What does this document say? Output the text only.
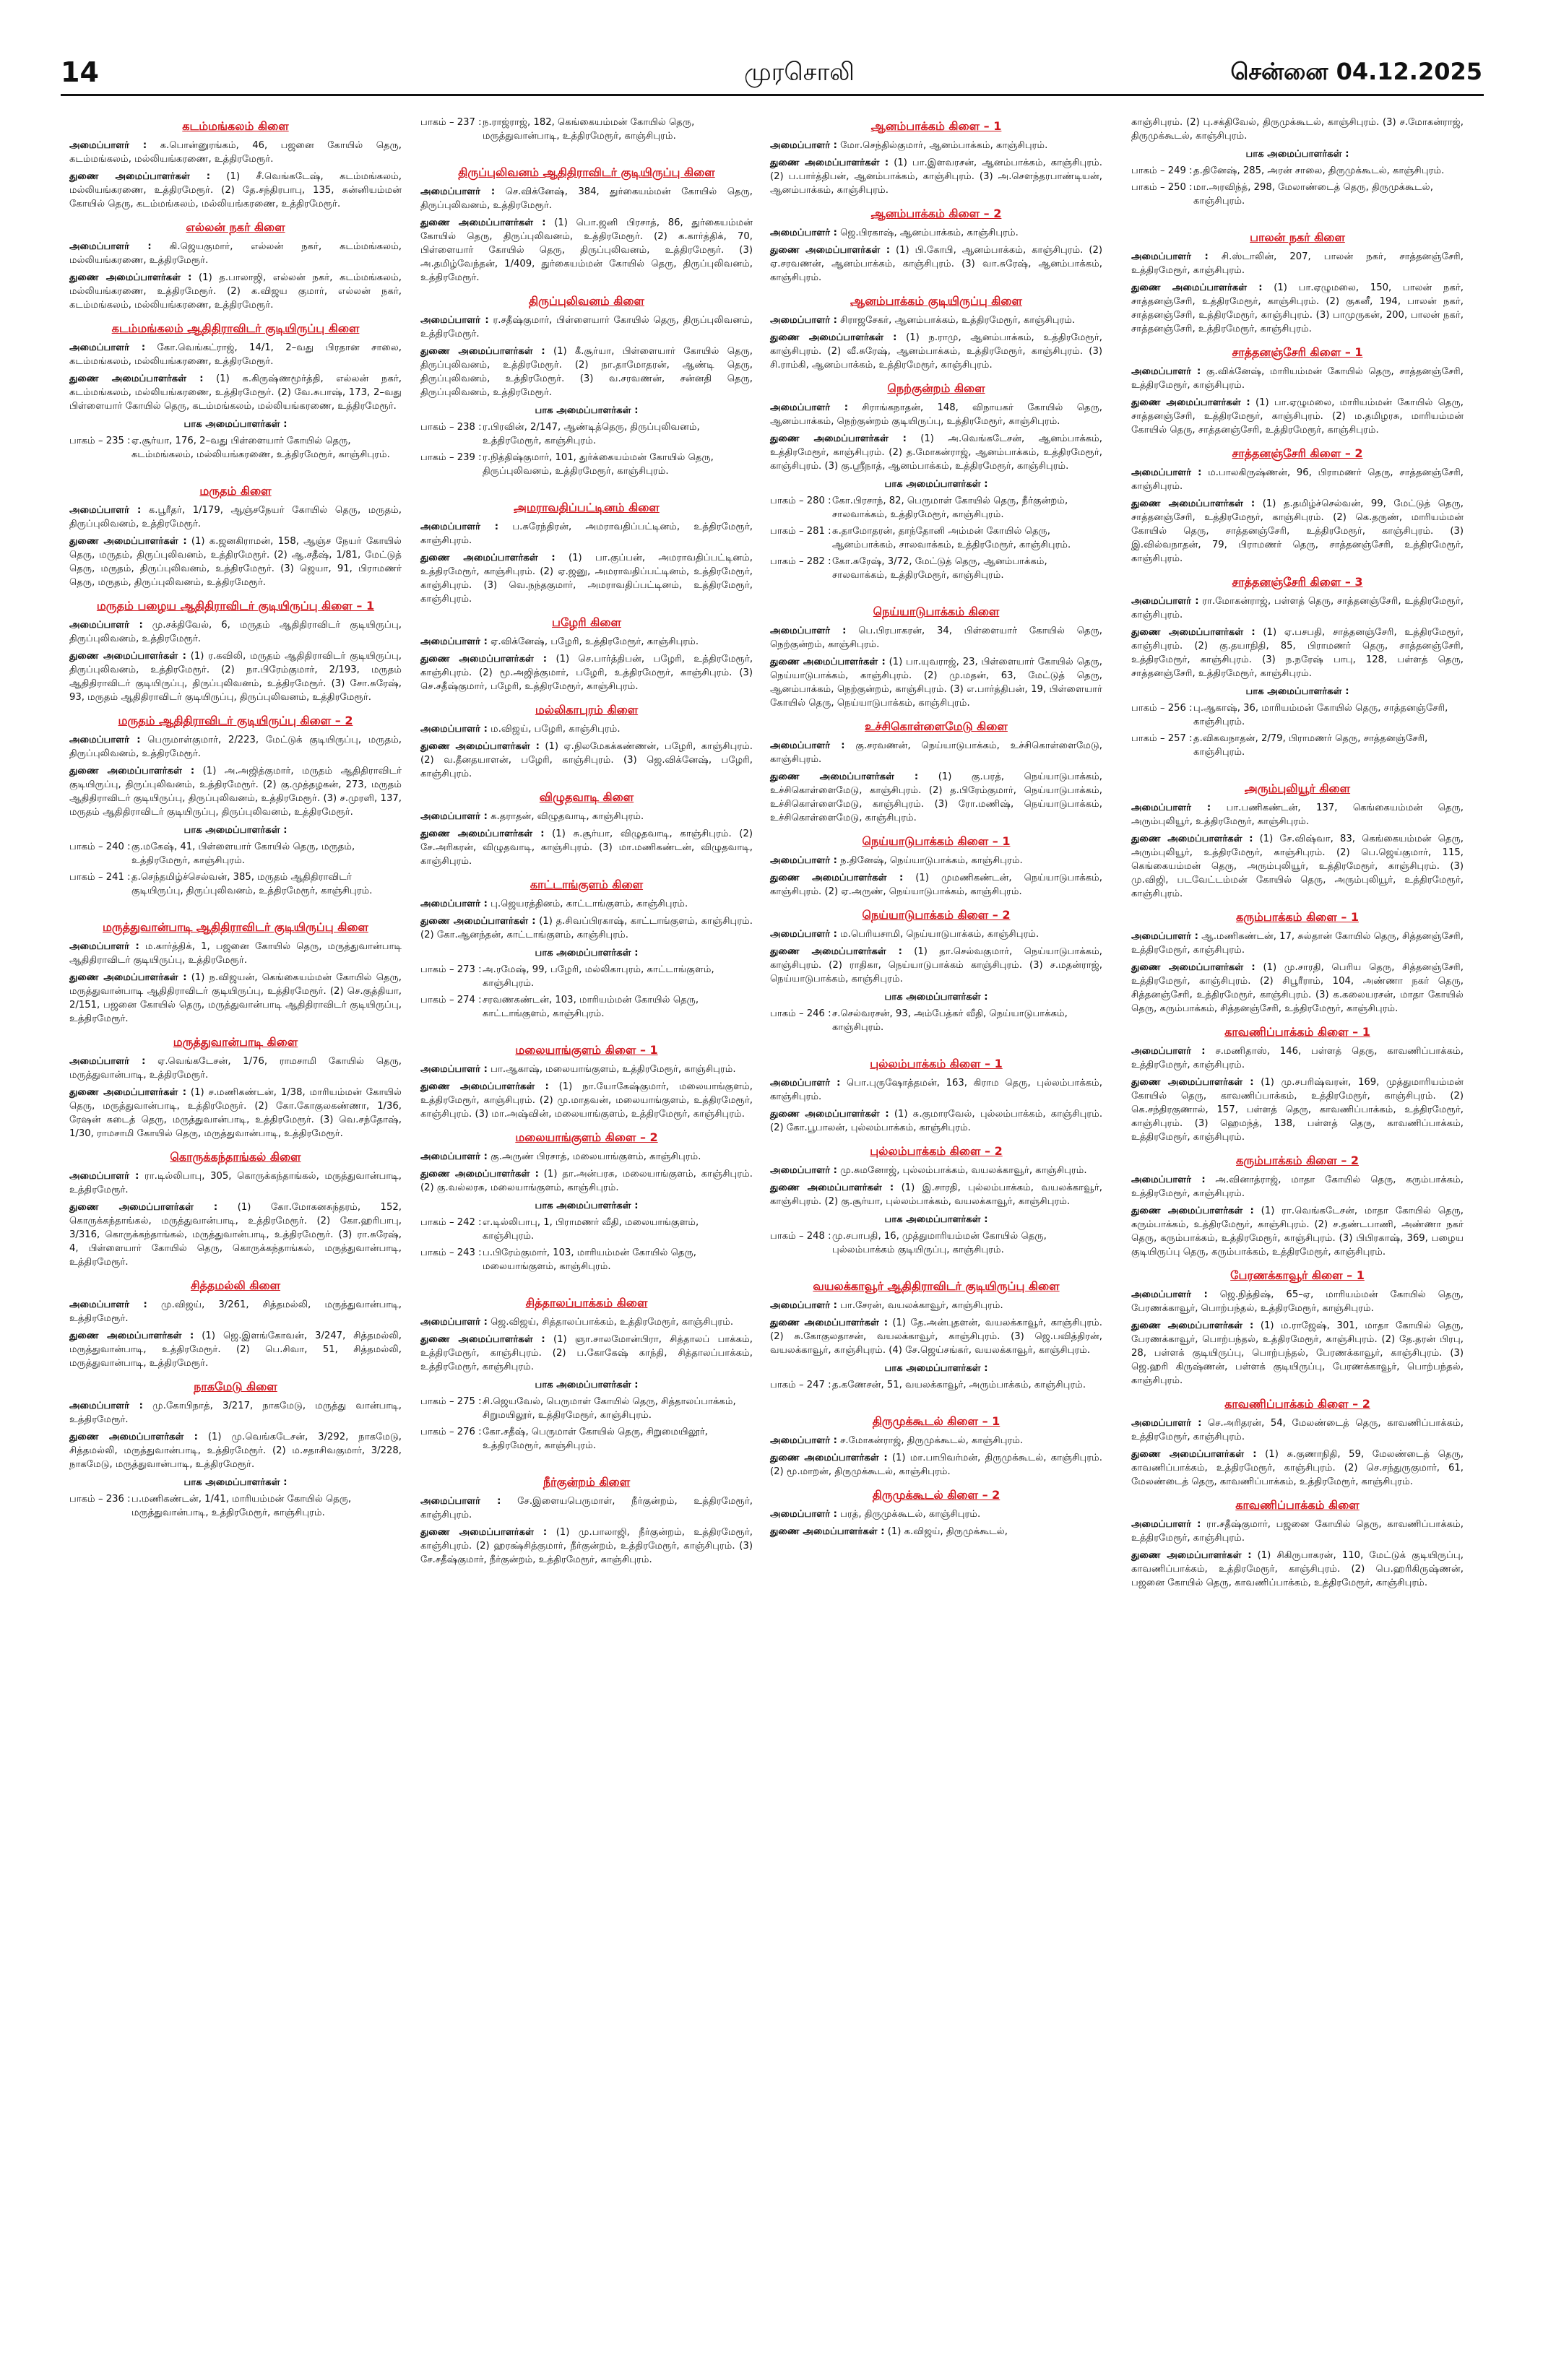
14	முரசொலி	சென்னை 04.12.2025
கடம்மங்கலம் கிளை

அமைப்பாளர் : க.பொன்னுரங்கம், 46, பஜனை கோயில் தெரு, கடம்மங்கலம், மல்லியங்கரணை, உத்திரமேரூர்.

துணை அமைப்பாளர்கள் : (1) சீ.வெங்கடேஷ், கடம்மங்கலம், மல்லியங்கரணை, உத்திரமேரூர். (2) தே.சந்திரபாபு, 135, சுன்னியம்மன் கோயில் தெரு, கடம்மங்கலம், மல்லியங்கரணை, உத்திரமேரூர்.

எல்லன் நகர் கிளை

அமைப்பாளர் : கி.ஜெயகுமார், எல்லன் நகர், கடம்மங்கலம், மல்லியங்கரணை, உத்திரமேரூர்.

துணை அமைப்பாளர்கள் : (1) த.பாலாஜி, எல்லன் நகர், கடம்மங்கலம், மல்லியங்கரணை, உத்திரமேரூர். (2) க.விஜய குமார், எல்லன் நகர், கடம்மங்கலம், மல்லியங்கரணை, உத்திரமேரூர்.

கடம்மங்கலம் ஆதிதிராவிடர் குடியிருப்பு கிளை

அமைப்பாளர் : கோ.வெங்கட்ராஜ், 14/1, 2–வது பிரதான சாலை, கடம்மங்கலம், மல்லியங்கரணை, உத்திரமேரூர்.

துணை அமைப்பாளர்கள் : (1) க.கிருஷ்ணமூர்த்தி, எல்லன் நகர், கடம்மங்கலம், மல்லியங்கரணை, உத்திரமேரூர். (2) வே.சுபாஷ், 173, 2–வது பிள்ளையார் கோயில் தெரு, கடம்மங்கலம், மல்லியங்கரணை, உத்திரமேரூர்.

பாக அமைப்பாளர்கள் :
பாகம் – 235 : ஏ.சூர்யா, 176, 2–வது பிள்ளையார் கோயில் தெரு, கடம்மங்கலம், மல்லியங்கரணை, உத்திரமேரூர், காஞ்சிபுரம்.
மருதம் கிளை

அமைப்பாளர் : க.பூரீதர், 1/179, ஆஞ்சநேயர் கோயில் தெரு, மருதம், திருப்புலிவனம், உத்திரமேரூர்.

துணை அமைப்பாளர்கள் : (1) க.ஜனகிராமன், 158, ஆஞ்ச நேயர் கோயில் தெரு, மருதம், திருப்புலிவனம், உத்திரமேரூர். (2) ஆ.சதீஷ், 1/81, மேட்டுத் தெரு, மருதம், திருப்புலிவனம், உத்திரமேரூர். (3) ஜெயா, 91, பிராமணர் தெரு, மருதம், திருப்புலிவனம், உத்திரமேரூர்.

மருதம் பழைய ஆதிதிராவிடர் குடியிருப்பு கிளை – 1

அமைப்பாளர் : மு.சக்திவேல், 6, மருதம் ஆதிதிராவிடர் குடியிருப்பு, திருப்புலிவனம், உத்திரமேரூர்.

துணை அமைப்பாளர்கள் : (1) ர.கவிலி, மருதம் ஆதிதிராவிடர் குடியிருப்பு, திருப்புலிவனம், உத்திரமேரூர். (2) நா.பிரேம்குமார், 2/193, மருதம் ஆதிதிராவிடர் குடியிருப்பு, திருப்புலிவனம், உத்திரமேரூர். (3) சோ.சுரேஷ், 93, மருதம் ஆதிதிராவிடர் குடியிருப்பு, திருப்புலிவனம், உத்திரமேரூர்.

மருதம் ஆதிதிராவிடர் குடியிருப்பு கிளை – 2

அமைப்பாளர் : பெருமாள்குமார், 2/223, மேட்டுக் குடியிருப்பு, மருதம், திருப்புலிவனம், உத்திரமேரூர்.

துணை அமைப்பாளர்கள் : (1) அ.அஜித்குமார், மருதம் ஆதிதிராவிடர் குடியிருப்பு, திருப்புலிவனம், உத்திரமேரூர். (2) கு.முத்தழகன், 273, மருதம் ஆதிதிராவிடர் குடியிருப்பு, திருப்புலிவனம், உத்திரமேரூர். (3) ச.முரளி, 137, மருதம் ஆதிதிராவிடர் குடியிருப்பு, திருப்புலிவனம், உத்திரமேரூர்.

பாக அமைப்பாளர்கள் :
பாகம் – 240 : கு.மகேஷ், 41, பிள்ளையார் கோயில் தெரு, மருதம், உத்திரமேரூர், காஞ்சிபுரம்.
பாகம் – 241 : த.செந்தமிழ்ச்செல்வன், 385, மருதம் ஆதிதிராவிடர் குடியிருப்பு, திருப்புலிவனம், உத்திரமேரூர், காஞ்சிபுரம்.
மருத்துவான்பாடி ஆதிதிராவிடர் குடியிருப்பு கிளை

அமைப்பாளர் : ம.கார்த்திக், 1, பஜனை கோயில் தெரு, மருத்துவான்பாடி ஆதிதிராவிடர் குடியிருப்பு, உத்திரமேரூர்.

துணை அமைப்பாளர்கள் : (1) ந.விஜயன், கெங்கையம்மன் கோயில் தெரு, மருத்துவான்பாடி ஆதிதிராவிடர் குடியிருப்பு, உத்திரமேரூர். (2) செ.குத்தியா, 2/151, பஜனை கோயில் தெரு, மருத்துவான்பாடி ஆதிதிராவிடர் குடியிருப்பு, உத்திரமேரூர்.

மருத்துவான்பாடி கிளை

அமைப்பாளர் : ஏ.வெங்கடேசன், 1/76, ராமசாமி கோயில் தெரு, மருத்துவான்பாடி, உத்திரமேரூர்.

துணை அமைப்பாளர்கள் : (1) ச.மணிகண்டன், 1/38, மாரியம்மன் கோயில் தெரு, மருத்துவான்பாடி, உத்திரமேரூர். (2) கோ.கோகுலகண்ணா, 1/36, ரேஷன் கடைத் தெரு, மருத்துவான்பாடி, உத்திரமேரூர். (3) வெ.சந்தோஷ், 1/30, ராமசாமி கோயில் தெரு, மருத்துவான்பாடி, உத்திரமேரூர்.

கொருக்கந்தாங்கல் கிளை

அமைப்பாளர் : ரா.டில்லிபாபு, 305, கொருக்கந்தாங்கல், மருத்துவான்பாடி, உத்திரமேரூர்.

துணை அமைப்பாளர்கள் : (1) கோ.மோகனசுந்தரம், 152, கொருக்கந்தாங்கல், மருத்துவான்பாடி, உத்திரமேரூர். (2) கோ.ஹரிபாபு, 3/316, கொருக்கந்தாங்கல், மருத்துவான்பாடி, உத்திரமேரூர். (3) ரா.சுரேஷ், 4, பிள்ளையார் கோயில் தெரு, கொருக்கந்தாங்கல், மருத்துவான்பாடி, உத்திரமேரூர்.

சித்தமல்லி கிளை

அமைப்பாளர் : மு.விஜய், 3/261, சித்தமல்லி, மருத்துவான்பாடி, உத்திரமேரூர்.

துணை அமைப்பாளர்கள் : (1) ஜெ.இளங்கோவன், 3/247, சித்தமல்லி, மருத்துவான்பாடி, உத்திரமேரூர். (2) பெ.சிவா, 51, சித்தமல்லி, மருத்துவான்பாடி, உத்திரமேரூர்.

நாகமேடு கிளை

அமைப்பாளர் : மு.கோபிநாத், 3/217, நாகமேடு, மருத்து வான்பாடி, உத்திரமேரூர்.

துணை அமைப்பாளர்கள் : (1) மு.வெங்கடேசன், 3/292, நாகமேடு, சித்தமல்லி, மருத்துவான்பாடி, உத்திரமேரூர். (2) ம.சதாசிவகுமார், 3/228, நாகமேடு, மருத்துவான்பாடி, உத்திரமேரூர்.

பாக அமைப்பாளர்கள் :
பாகம் – 236 : ப.மணிகண்டன், 1/41, மாரியம்மன் கோயில் தெரு, மருத்துவான்பாடி, உத்திரமேரூர், காஞ்சிபுரம்.
பாகம் – 237 : ந.ராஜ்ராஜ், 182, கெங்கையம்மன் கோயில் தெரு, மருத்துவான்பாடி, உத்திரமேரூர், காஞ்சிபுரம்.
திருப்புலிவனம் ஆதிதிராவிடர் குடியிருப்பு கிளை

அமைப்பாளர் : செ.விக்னேஷ், 384, துர்கையம்மன் கோயில் தெரு, திருப்புலிவனம், உத்திரமேரூர்.

துணை அமைப்பாளர்கள் : (1) பொ.ஜனி பிரசாத், 86, துர்கையம்மன் கோயில் தெரு, திருப்புலிவனம், உத்திரமேரூர். (2) க.கார்த்திக், 70, பிள்ளையார் கோயில் தெரு, திருப்புலிவனம், உத்திரமேரூர். (3) அ.தமிழ்வேந்தன், 1/409, துர்கையம்மன் கோயில் தெரு, திருப்புலிவனம், உத்திரமேரூர்.

திருப்புலிவனம் கிளை

அமைப்பாளர் : ர.சதீஷ்குமார், பிள்ளையார் கோயில் தெரு, திருப்புலிவனம், உத்திரமேரூர்.

துணை அமைப்பாளர்கள் : (1) கீ.சூர்யா, பிள்ளையார் கோயில் தெரு, திருப்புலிவனம், உத்திரமேரூர். (2) நா.தாமோதரன், ஆண்டி தெரு, திருப்புலிவனம், உத்திரமேரூர். (3) வ.சரவணன், சன்னதி தெரு, திருப்புலிவனம், உத்திரமேரூர்.

பாக அமைப்பாளர்கள் :
பாகம் – 238 : ர.பிரவின், 2/147, ஆண்டித்தெரு, திருப்புலிவனம், உத்திரமேரூர், காஞ்சிபுரம்.
பாகம் – 239 : ர.நித்திஷ்குமார், 101, துர்க்கையம்மன் கோயில் தெரு, திருப்புலிவனம், உத்திரமேரூர், காஞ்சிபுரம்.
அமராவதிப்பட்டினம் கிளை

அமைப்பாளர் : ப.சுரேந்திரன், அமராவதிப்பட்டினம், உத்திரமேரூர், காஞ்சிபுரம்.

துணை அமைப்பாளர்கள் : (1) பா.குப்பன், அமராவதிப்பட்டினம், உத்திரமேரூர், காஞ்சிபுரம். (2) ஏ.ஜனு, அமராவதிப்பட்டினம், உத்திரமேரூர், காஞ்சிபுரம். (3) வெ.நந்தகுமார், அமராவதிப்பட்டினம், உத்திரமேரூர், காஞ்சிபுரம்.

பழேரி கிளை

அமைப்பாளர் : ஏ.விக்னேஷ், பழேரி, உத்திரமேரூர், காஞ்சிபுரம்.

துணை அமைப்பாளர்கள் : (1) செ.பார்த்திபன், பழேரி, உத்திரமேரூர், காஞ்சிபுரம். (2) மூ.அஜித்குமார், பழேரி, உத்திரமேரூர், காஞ்சிபுரம். (3) செ.சதீஷ்குமார், பழேரி, உத்திரமேரூர், காஞ்சிபுரம்.

மல்லிகாபுரம் கிளை

அமைப்பாளர் : ம.விஜய், பழேரி, காஞ்சிபுரம்.

துணை அமைப்பாளர்கள் : (1) ஏ.நிலமேகக்கண்ணன், பழேரி, காஞ்சிபுரம். (2) வ.தீனதயாளன், பழேரி, காஞ்சிபுரம். (3) ஜெ.விக்னேஷ், பழேரி, காஞ்சிபுரம்.

விழுதவாடி கிளை

அமைப்பாளர் : க.தராதன், விழுதவாடி, காஞ்சிபுரம்.

துணை அமைப்பாளர்கள் : (1) சு.சூர்யா, விழுதவாடி, காஞ்சிபுரம். (2) சே.அரிகரன், விழுதவாடி, காஞ்சிபுரம். (3) மா.மணிகண்டன், விழுதவாடி, காஞ்சிபுரம்.

காட்டாங்குளம் கிளை

அமைப்பாளர் : பு.ஜெயரத்தினம், காட்டாங்குளம், காஞ்சிபுரம்.

துணை அமைப்பாளர்கள் : (1) த.சிவப்பிரகாஷ், காட்டாங்குளம், காஞ்சிபுரம். (2) கோ.ஆனந்தன், காட்டாங்குளம், காஞ்சிபுரம்.

பாக அமைப்பாளர்கள் :
பாகம் – 273 : அ.ரமேஷ், 99, பழேரி, மல்லிகாபுரம், காட்டாங்குளம், காஞ்சிபுரம்.
பாகம் – 274 : சரவணகண்டன், 103, மாரியம்மன் கோயில் தெரு, காட்டாங்குளம், காஞ்சிபுரம்.
மலையாங்குளம் கிளை – 1

அமைப்பாளர் : பா.ஆகாஷ், மலையாங்குளம், உத்திரமேரூர், காஞ்சிபுரம்.

துணை அமைப்பாளர்கள் : (1) நா.யோகேஷ்குமார், மலையாங்குளம், உத்திரமேரூர், காஞ்சிபுரம். (2) மு.மாதவன், மலையாங்குளம், உத்திரமேரூர், காஞ்சிபுரம். (3) மா.அஷ்வின், மலையாங்குளம், உத்திரமேரூர், காஞ்சிபுரம்.

மலையாங்குளம் கிளை – 2

அமைப்பாளர் : கு.அருண் பிரசாத், மலையாங்குளம், காஞ்சிபுரம்.

துணை அமைப்பாளர்கள் : (1) தா.அன்பரசு, மலையாங்குளம், காஞ்சிபுரம். (2) கு.வல்லரசு, மலையாங்குளம், காஞ்சிபுரம்.

பாக அமைப்பாளர்கள் :
பாகம் – 242 : எ.டில்லிபாபு, 1, பிராமணர் வீதி, மலையாங்குளம், காஞ்சிபுரம்.
பாகம் – 243 : ப.பிரேம்குமார், 103, மாரியம்மன் கோயில் தெரு, மலையாங்குளம், காஞ்சிபுரம்.
சித்தாலப்பாக்கம் கிளை

அமைப்பாளர் : ஜெ.விஜய், சித்தாலப்பாக்கம், உத்திரமேரூர், காஞ்சிபுரம்.

துணை அமைப்பாளர்கள் : (1) ஞா.சாலமோன்பிரா, சித்தாலப் பாக்கம், உத்திரமேரூர், காஞ்சிபுரம். (2) ப.கோகேஷ் காந்தி, சித்தாலப்பாக்கம், உத்திரமேரூர், காஞ்சிபுரம்.

பாக அமைப்பாளர்கள் :
பாகம் – 275 : சி.ஜெயவேல், பெருமாள் கோயில் தெரு, சித்தாலப்பாக்கம், சிறுமயிலூர், உத்திரமேரூர், காஞ்சிபுரம்.
பாகம் – 276 : கோ.சதீஷ், பெருமாள் கோயில் தெரு, சிறுமையிலூர், உத்திரமேரூர், காஞ்சிபுரம்.
நீர்குன்றம் கிளை

அமைப்பாளர் : சே.இளையபெருமாள், நீர்குன்றம், உத்திரமேரூர், காஞ்சிபுரம்.

துணை அமைப்பாளர்கள் : (1) மு.பாலாஜி, நீர்குன்றம், உத்திரமேரூர், காஞ்சிபுரம். (2) ஹரக்ஷ்சித்குமார், நீர்குன்றம், உத்திரமேரூர், காஞ்சிபுரம். (3) சே.சதீஷ்குமார், நீர்குன்றம், உத்திரமேரூர், காஞ்சிபுரம்.

ஆனம்பாக்கம் கிளை – 1

அமைப்பாளர் : மோ.செந்தில்குமார், ஆனம்பாக்கம், காஞ்சிபுரம்.

துணை அமைப்பாளர்கள் : (1) பா.இளவரசன், ஆனம்பாக்கம், காஞ்சிபுரம். (2) ப.பார்த்திபன், ஆனம்பாக்கம், காஞ்சிபுரம். (3) அ.செளந்தரபாண்டியன், ஆனம்பாக்கம், காஞ்சிபுரம்.

ஆனம்பாக்கம் கிளை – 2

அமைப்பாளர் : ஜெ.பிரகாஷ், ஆனம்பாக்கம், காஞ்சிபுரம்.

துணை அமைப்பாளர்கள் : (1) பி.கோபி, ஆனம்பாக்கம், காஞ்சிபுரம். (2) ஏ.சரவணன், ஆனம்பாக்கம், காஞ்சிபுரம். (3) வா.சுரேஷ், ஆனம்பாக்கம், காஞ்சிபுரம்.

ஆனம்பாக்கம் குடியிருப்பு கிளை

அமைப்பாளர் : சிராஜசேகர், ஆனம்பாக்கம், உத்திரமேரூர், காஞ்சிபுரம்.

துணை அமைப்பாளர்கள் : (1) ந.ராமு, ஆனம்பாக்கம், உத்திரமேரூர், காஞ்சிபுரம். (2) வீ.சுரேஷ், ஆனம்பாக்கம், உத்திரமேரூர், காஞ்சிபுரம். (3) சி.ராம்கி, ஆனம்பாக்கம், உத்திரமேரூர், காஞ்சிபுரம்.

நெற்குன்றம் கிளை

அமைப்பாளர் : சிராங்கநாதன், 148, விநாயகர் கோயில் தெரு, ஆனம்பாக்கம், நெற்குன்றம் குடியிருப்பு, உத்திரமேரூர், காஞ்சிபுரம்.

துணை அமைப்பாளர்கள் : (1) அ.வெங்கடேசன், ஆனம்பாக்கம், உத்திரமேரூர், காஞ்சிபுரம். (2) த.மோகன்ராஜ், ஆனம்பாக்கம், உத்திரமேரூர், காஞ்சிபுரம். (3) கு.ஸ்ரீநாத், ஆனம்பாக்கம், உத்திரமேரூர், காஞ்சிபுரம்.

பாக அமைப்பாளர்கள் :
பாகம் – 280 : கோ.பிரசாந், 82, பெருமாள் கோயில் தெரு, நீர்குன்றம், சாலவாக்கம், உத்திரமேரூர், காஞ்சிபுரம்.
பாகம் – 281 : சு.தாமோதரன், தாந்தோனி அம்மன் கோயில் தெரு, ஆனம்பாக்கம், சாலவாக்கம், உத்திரமேரூர், காஞ்சிபுரம்.
பாகம் – 282 : கோ.சுரேஷ், 3/72, மேட்டுத் தெரு, ஆனம்பாக்கம், சாலவாக்கம், உத்திரமேரூர், காஞ்சிபுரம்.
நெய்யாடுபாக்கம் கிளை

அமைப்பாளர் : பெ.பிரபாகரன், 34, பிள்ளையார் கோயில் தெரு, நெற்குன்றம், காஞ்சிபுரம்.

துணை அமைப்பாளர்கள் : (1) பா.யுவராஜ், 23, பிள்ளையார் கோயில் தெரு, நெய்யாடுபாக்கம், காஞ்சிபுரம். (2) மு.மதன், 63, மேட்டுத் தெரு, ஆனம்பாக்கம், நெற்குன்றம், காஞ்சிபுரம். (3) எ.பார்த்திபன், 19, பிள்ளையார் கோயில் தெரு, நெய்யாடுபாக்கம், காஞ்சிபுரம்.

உச்சிகொள்ளைமேடு கிளை

அமைப்பாளர் : கு.சரவணன், நெய்யாடுபாக்கம், உச்சிகொள்ளைமேடு, காஞ்சிபுரம்.

துணை அமைப்பாளர்கள் : (1) கு.பரத், நெய்யாடுபாக்கம், உச்சிகொள்ளைமேடு, காஞ்சிபுரம். (2) த.பிரேம்குமார், நெய்யாடுபாக்கம், உச்சிகொள்ளைமேடு, காஞ்சிபுரம். (3) ரோ.மணிஷ், நெய்யாடுபாக்கம், உச்சிகொள்ளைமேடு, காஞ்சிபுரம்.

நெய்யாடுபாக்கம் கிளை – 1

அமைப்பாளர் : ந.தினேஷ், நெய்யாடுபாக்கம், காஞ்சிபுரம்.

துணை அமைப்பாளர்கள் : (1) முமணிகண்டன், நெய்யாடுபாக்கம், காஞ்சிபுரம். (2) ஏ.அருண், நெய்யாடுபாக்கம், காஞ்சிபுரம்.

நெய்யாடுபாக்கம் கிளை – 2

அமைப்பாளர் : ம.பெரியசாமி, நெய்யாடுபாக்கம், காஞ்சிபுரம்.

துணை அமைப்பாளர்கள் : (1) தா.செல்வகுமார், நெய்யாடுபாக்கம், காஞ்சிபுரம். (2) ராதிகா, நெய்யாடுபாக்கம் காஞ்சிபுரம். (3) ச.மதன்ராஜ், நெய்யாடுபாக்கம், காஞ்சிபுரம்.

பாக அமைப்பாளர்கள் :
பாகம் – 246 : ச.செல்வரசன், 93, அம்பேத்கர் வீதி, நெய்யாடுபாக்கம், காஞ்சிபுரம்.
புல்லம்பாக்கம் கிளை – 1

அமைப்பாளர் : பொ.புருஷோத்தமன், 163, கிராம தெரு, புல்லம்பாக்கம், காஞ்சிபுரம்.

துணை அமைப்பாளர்கள் : (1) சு.குமாரவேல், புல்லம்பாக்கம், காஞ்சிபுரம். (2) கோ.பூபாலன், புல்லம்பாக்கம், காஞ்சிபுரம்.

புல்லம்பாக்கம் கிளை – 2

அமைப்பாளர் : மு.சுமனோஜ், புல்லம்பாக்கம், வயலக்காவூர், காஞ்சிபுரம்.

துணை அமைப்பாளர்கள் : (1) இ.சாரதி, புல்லம்பாக்கம், வயலக்காவூர், காஞ்சிபுரம். (2) கு.சூர்யா, புல்லம்பாக்கம், வயலக்காவூர், காஞ்சிபுரம்.

பாக அமைப்பாளர்கள் :
பாகம் – 248 : மு.சபாபதி, 16, முத்துமாரியம்மன் கோயில் தெரு, புல்லம்பாக்கம் குடியிருப்பு, காஞ்சிபுரம்.
வயலக்காவூர் ஆதிதிராவிடர் குடியிருப்பு கிளை

அமைப்பாளர் : பா.சேரன், வயலக்காவூர், காஞ்சிபுரம்.

துணை அமைப்பாளர்கள் : (1) தே.அன்புதளன், வயலக்காவூர், காஞ்சிபுரம். (2) சு.கோகுலதாசன், வயலக்காவூர், காஞ்சிபுரம். (3) ஜெ.பவித்திரன், வயலக்காவூர், காஞ்சிபுரம். (4) சே.ஜெய்சங்கர், வயலக்காவூர், காஞ்சிபுரம்.

பாக அமைப்பாளர்கள் :
பாகம் – 247 : த.கணேசன், 51, வயலக்காவூர், அரும்பாக்கம், காஞ்சிபுரம்.
திருமுக்கூடல் கிளை – 1

அமைப்பாளர் : ச.மோகன்ராஜ், திருமுக்கூடல், காஞ்சிபுரம்.

துணை அமைப்பாளர்கள் : (1) மா.பாபிவர்மன், திருமுக்கூடல், காஞ்சிபுரம். (2) மூ.மாறன், திருமுக்கூடல், காஞ்சிபுரம்.

திருமுக்கூடல் கிளை – 2

அமைப்பாளர் : பரத், திருமுக்கூடல், காஞ்சிபுரம்.

துணை அமைப்பாளர்கள் : (1) க.விஜய், திருமுக்கூடல்,

காஞ்சிபுரம். (2) பு.சக்திவேல், திருமுக்கூடல், காஞ்சிபுரம். (3) ச.மோகன்ராஜ், திருமுக்கூடல், காஞ்சிபுரம்.

பாக அமைப்பாளர்கள் :
பாகம் – 249 : த.தினேஷ், 285, அரன் சாலை, திருமுக்கூடல், காஞ்சிபுரம்.
பாகம் – 250 : மா.அரவிந்த், 298, மேலாண்டைத் தெரு, திருமுக்கூடல், காஞ்சிபுரம்.
பாலன் நகர் கிளை

அமைப்பாளர் : சி.ஸ்டாலின், 207, பாலன் நகர், சாத்தனஞ்சேரி, உத்திரமேரூர், காஞ்சிபுரம்.

துணை அமைப்பாளர்கள் : (1) பா.ஏழுமலை, 150, பாலன் நகர், சாத்தனஞ்சேரி, உத்திரமேரூர், காஞ்சிபுரம். (2) குகனீ, 194, பாலன் நகர், சாத்தனஞ்சேரி, உத்திரமேரூர், காஞ்சிபுரம். (3) பாமுருகன், 200, பாலன் நகர், சாத்தனஞ்சேரி, உத்திரமேரூர், காஞ்சிபுரம்.

சாத்தனஞ்சேரி கிளை – 1

அமைப்பாளர் : கு.விக்னேஷ், மாரியம்மன் கோயில் தெரு, சாத்தனஞ்சேரி, உத்திரமேரூர், காஞ்சிபுரம்.

துணை அமைப்பாளர்கள் : (1) பா.ஏழுமலை, மாரியம்மன் கோயில் தெரு, சாத்தனஞ்சேரி, உத்திரமேரூர், காஞ்சிபுரம். (2) ம.தமிழரசு, மாரியம்மன் கோயில் தெரு, சாத்தனஞ்சேரி, உத்திரமேரூர், காஞ்சிபுரம்.

சாத்தனஞ்சேரி கிளை – 2

அமைப்பாளர் : ம.பாலகிருஷ்ணன், 96, பிராமணர் தெரு, சாத்தனஞ்சேரி, காஞ்சிபுரம்.

துணை அமைப்பாளர்கள் : (1) த.தமிழ்ச்செல்வன், 99, மேட்டுத் தெரு, சாத்தனஞ்சேரி, உத்திரமேரூர், காஞ்சிபுரம். (2) கெ.தருண், மாரியம்மன் கோயில் தெரு, சாத்தனஞ்சேரி, உத்திரமேரூர், காஞ்சிபுரம். (3) இ.வில்வநாதன், 79, பிராமணர் தெரு, சாத்தனஞ்சேரி, உத்திரமேரூர், காஞ்சிபுரம்.

சாத்தனஞ்சேரி கிளை – 3

அமைப்பாளர் : ரா.மோகன்ராஜ், பள்ளத் தெரு, சாத்தனஞ்சேரி, உத்திரமேரூர், காஞ்சிபுரம்.

துணை அமைப்பாளர்கள் : (1) ஏ.பசபதி, சாத்தனஞ்சேரி, உத்திரமேரூர், காஞ்சிபுரம். (2) கு.தயாநிதி, 85, பிராமணர் தெரு, சாத்தனஞ்சேரி, உத்திரமேரூர், காஞ்சிபுரம். (3) ந.நரேஷ் பாபு, 128, பள்ளத் தெரு, சாத்தனஞ்சேரி, உத்திரமேரூர், காஞ்சிபுரம்.

பாக அமைப்பாளர்கள் :
பாகம் – 256 : பு.ஆகாஷ், 36, மாரியம்மன் கோயில் தெரு, சாத்தனஞ்சேரி, காஞ்சிபுரம்.
பாகம் – 257 : த.விகவநாதன், 2/79, பிராமணர் தெரு, சாத்தனஞ்சேரி, காஞ்சிபுரம்.
அரும்புலியூர் கிளை

அமைப்பாளர் : பா.பணிகண்டன், 137, கெங்கையம்மன் தெரு, அரும்புலியூர், உத்திரமேரூர், காஞ்சிபுரம்.

துணை அமைப்பாளர்கள் : (1) சே.விஷ்வா, 83, கெங்கையம்மன் தெரு, அரும்புலியூர், உத்திரமேரூர், காஞ்சிபுரம். (2) பெ.ஜெய்குமார், 115, கெங்கையம்மன் தெரு, அரும்புலியூர், உத்திரமேரூர், காஞ்சிபுரம். (3) மு.விஜி, படவேட்டம்மன் கோயில் தெரு, அரும்புலியூர், உத்திரமேரூர், காஞ்சிபுரம்.

கரும்பாக்கம் கிளை – 1

அமைப்பாளர் : ஆ.மணிகண்டன், 17, சுல்தான் கோயில் தெரு, சித்தனஞ்சேரி, உத்திரமேரூர், காஞ்சிபுரம்.

துணை அமைப்பாளர்கள் : (1) மு.சாரதி, பெரிய தெரு, சித்தனஞ்சேரி, உத்திரமேரூர், காஞ்சிபுரம். (2) சிபூரீராம், 104, அண்ணா நகர் தெரு, சித்தனஞ்சேரி, உத்திரமேரூர், காஞ்சிபுரம். (3) க.கலையரசன், மாதா கோயில் தெரு, கரும்பாக்கம், சித்தனஞ்சேரி, உத்திரமேரூர், காஞ்சிபுரம்.

காவணிப்பாக்கம் கிளை – 1

அமைப்பாளர் : ச.மணிதாஸ், 146, பள்ளத் தெரு, காவணிப்பாக்கம், உத்திரமேரூர், காஞ்சிபுரம்.

துணை அமைப்பாளர்கள் : (1) மு.சபரிஷ்வரன், 169, முத்துமாரியம்மன் கோயில் தெரு, காவணிப்பாக்கம், உத்திரமேரூர், காஞ்சிபுரம். (2) கெ.சந்திரகுணால், 157, பள்ளத் தெரு, காவணிப்பாக்கம், உத்திரமேரூர், காஞ்சிபுரம். (3) ஹெமந்த், 138, பள்ளத் தெரு, காவணிப்பாக்கம், உத்திரமேரூர், காஞ்சிபுரம்.

கரும்பாக்கம் கிளை – 2

அமைப்பாளர் : அ.வினாத்ராஜ், மாதா கோயில் தெரு, கரும்பாக்கம், உத்திரமேரூர், காஞ்சிபுரம்.

துணை அமைப்பாளர்கள் : (1) ரா.வெங்கடேசன், மாதா கோயில் தெரு, கரும்பாக்கம், உத்திரமேரூர், காஞ்சிபுரம். (2) ச.தண்டபாணி, அண்ணா நகர் தெரு, கரும்பாக்கம், உத்திரமேரூர், காஞ்சிபுரம். (3) பிபிரகாஷ், 369, பழைய குடியிருப்பு தெரு, கரும்பாக்கம், உத்திரமேரூர், காஞ்சிபுரம்.

பேரணக்காவூர் கிளை – 1

அமைப்பாளர் : ஜெ.நித்திஷ், 65–ஏ, மாரியம்மன் கோயில் தெரு, பேரணக்காவூர், பொற்பந்தல், உத்திரமேரூர், காஞ்சிபுரம்.

துணை அமைப்பாளர்கள் : (1) ம.ராஜேஷ், 301, மாதா கோயில் தெரு, பேரணக்காவூர், பொற்பந்தல், உத்திரமேரூர், காஞ்சிபுரம். (2) தே.தரன் பிரபு, 28, பள்ளக் குடியிருப்பு, பொற்பந்தல், பேரணக்காவூர், காஞ்சிபுரம். (3) ஜெ.ஹரி கிருஷ்ணன், பள்ளக் குடியிருப்பு, பேரணக்காவூர், பொற்பந்தல், காஞ்சிபுரம்.

காவணிப்பாக்கம் கிளை – 2

அமைப்பாளர் : செ.அரிதரன், 54, மேலண்டைத் தெரு, காவணிப்பாக்கம், உத்திரமேரூர், காஞ்சிபுரம்.

துணை அமைப்பாளர்கள் : (1) சு.குணாநிதி, 59, மேலண்டைத் தெரு, காவணிப்பாக்கம், உத்திரமேரூர், காஞ்சிபுரம். (2) செ.சந்துருகுமார், 61, மேலண்டைத் தெரு, காவணிப்பாக்கம், உத்திரமேரூர், காஞ்சிபுரம்.

காவணிப்பாக்கம் கிளை

அமைப்பாளர் : ரா.சதீஷ்குமார், பஜனை கோயில் தெரு, காவணிப்பாக்கம், உத்திரமேரூர், காஞ்சிபுரம்.

துணை அமைப்பாளர்கள் : (1) சிகிருபாகரன், 110, மேட்டுக் குடியிருப்பு, காவணிப்பாக்கம், உத்திரமேரூர், காஞ்சிபுரம். (2) பெ.ஹரிகிருஷ்ணன், பஜனை கோயில் தெரு, காவணிப்பாக்கம், உத்திரமேரூர், காஞ்சிபுரம்.
